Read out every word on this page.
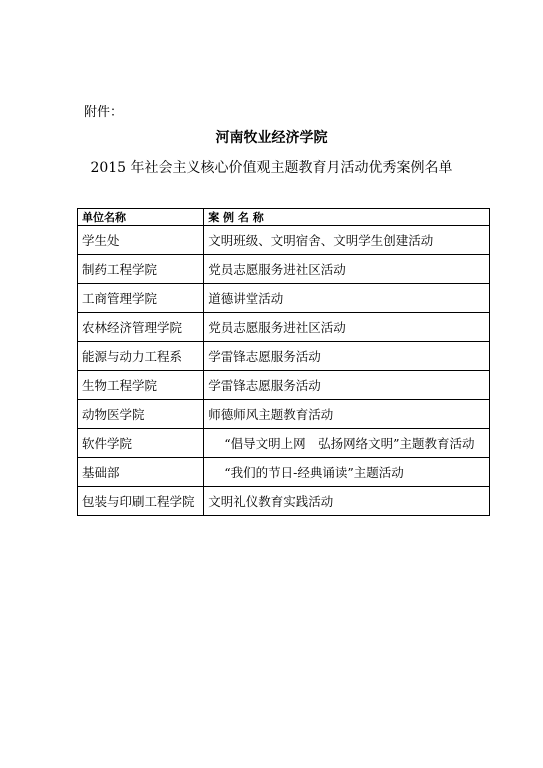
附件：
河南牧业经济学院
2015 年社会主义核心价值观主题教育月活动优秀案例名单
单位名称	案 例 名 称
学生处	文明班级、文明宿舍、文明学生创建活动
制药工程学院	党员志愿服务进社区活动
工商管理学院	道德讲堂活动
农林经济管理学院	党员志愿服务进社区活动
能源与动力工程系	学雷锋志愿服务活动
生物工程学院	学雷锋志愿服务活动
动物医学院	师德师风主题教育活动
软件学院	“倡导文明上网　弘扬网络文明”主题教育活动
基础部	“我们的节日-经典诵读”主题活动
包装与印刷工程学院	文明礼仪教育实践活动
